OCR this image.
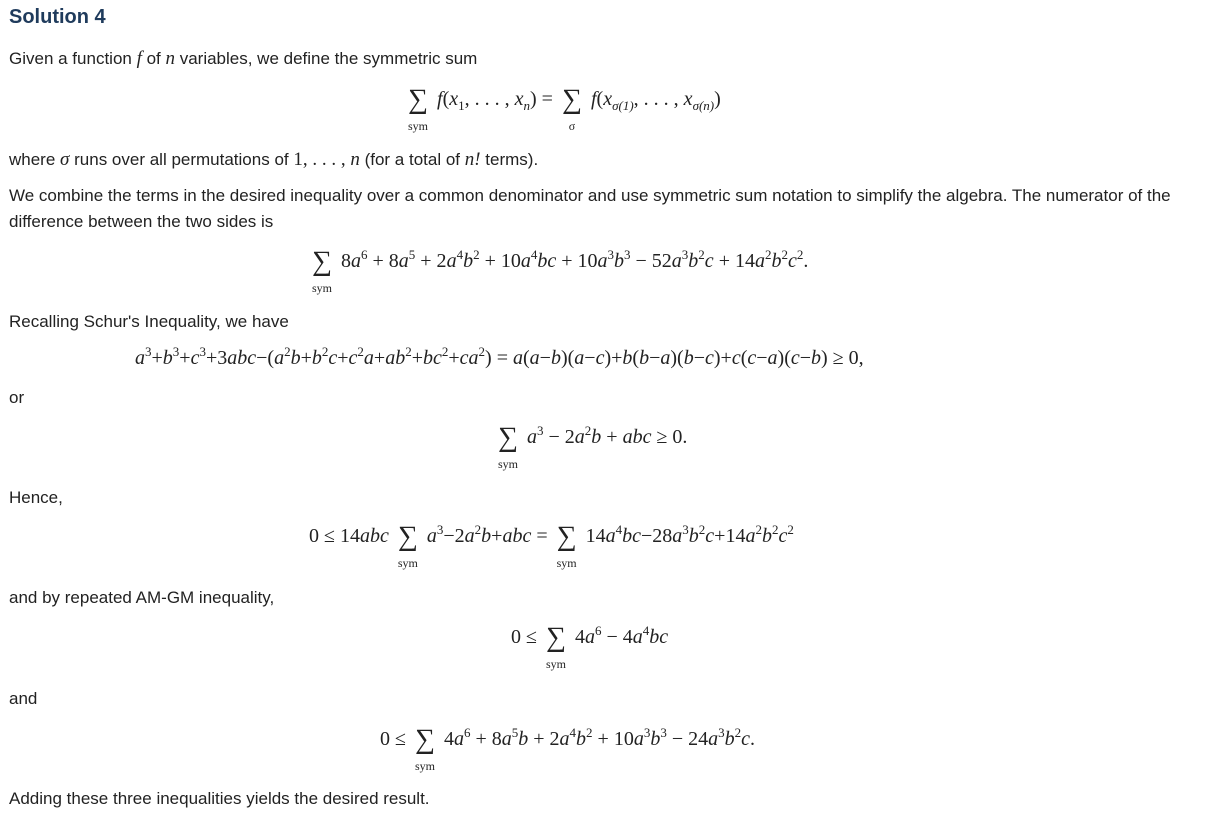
Solution 4
Given a function f of n variables, we define the symmetric sum
∑
sym
$f(x_1$, . . . , $x_n$) = ∑
σ
$f(x_{\sigma(1)}$, . . . , $x_{\sigma(n)}$)
where σ runs over all permutations of 1, . . . , n (for a total of n! terms).
We combine the terms in the desired inequality over a common denominator and use symmetric sum notation to simplify the algebra. The numerator of the difference between the two sides is
∑
sym
$8a^6 + 8a^5 + 2a^4b^2 + 10a^4bc + 10a^3b^3 - 52a^3b^2c + 14a^2b^2c^2$.
Recalling Schur's Inequality, we have
$a^3+b^3+c^3+3abc-(a^2b+b^2c+c^2a+ab^2+bc^2+ca^2) = a(a-b)(a-c)+b(b-a)(b-c)+c(c-a)(c-b) \ge 0$,
or
∑
sym
$a^3 - 2a^2b$ + abc ≥ 0.
Hence,
0 ≤ 14abc ∑
sym
$a^3-2a^2b+abc$ = ∑
sym
$14a^4bc-28a^3b^2c+14a^2b^2c^2$
and by repeated AM-GM inequality,
0 ≤ ∑
sym
$4a^6 - 4a^4bc$
and
0 ≤ ∑
sym
$4a^6 + 8a^5b + 2a^4b^2 + 10a^3b^3 - 24a^3b^2c$.
Adding these three inequalities yields the desired result.
